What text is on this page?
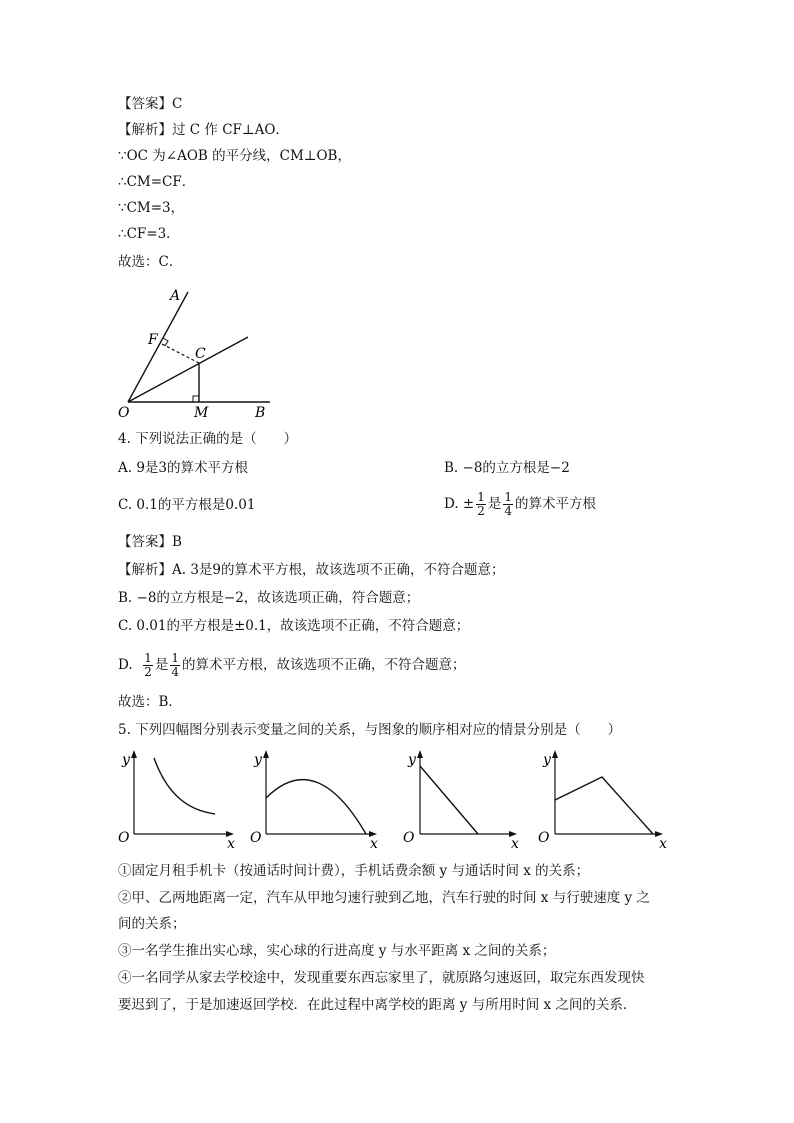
【答案】C
【解析】过 C 作 CF⊥AO．
∵OC 为∠AOB 的平分线，CM⊥OB，
∴CM=CF．
∵CM=3，
∴CF=3．
故选：C．
A
F
C
O	M	B
4. 下列说法正确的是（　　）
A. 9是3的算术平方根	B. −8的立方根是−2
C. 0.1的平方根是0.01	D. ± $\frac{1}{2}$ 是 $\frac{1}{4}$ 的算术平方根
【答案】B
【解析】A. 3是9的算术平方根，故该选项不正确，不符合题意；
B. −8的立方根是−2，故该选项正确，符合题意；
C. 0.01的平方根是±0.1，故该选项不正确，不符合题意；
D. $\frac{1}{2}$ 是 $\frac{1}{4}$ 的算术平方根，故该选项不正确，不符合题意；
故选：B．
5. 下列四幅图分别表示变量之间的关系，与图象的顺序相对应的情景分别是（　　）
y
O	x
y
O	x
y
O	x
y
O	x
①固定月租手机卡（按通话时间计费），手机话费余额 y 与通话时间 x 的关系；
②甲、乙两地距离一定，汽车从甲地匀速行驶到乙地，汽车行驶的时间 x 与行驶速度 y 之
间的关系；
③一名学生推出实心球，实心球的行进高度 y 与水平距离 x 之间的关系；
④一名同学从家去学校途中，发现重要东西忘家里了，就原路匀速返回，取完东西发现快
要迟到了，于是加速返回学校．在此过程中离学校的距离 y 与所用时间 x 之间的关系．
